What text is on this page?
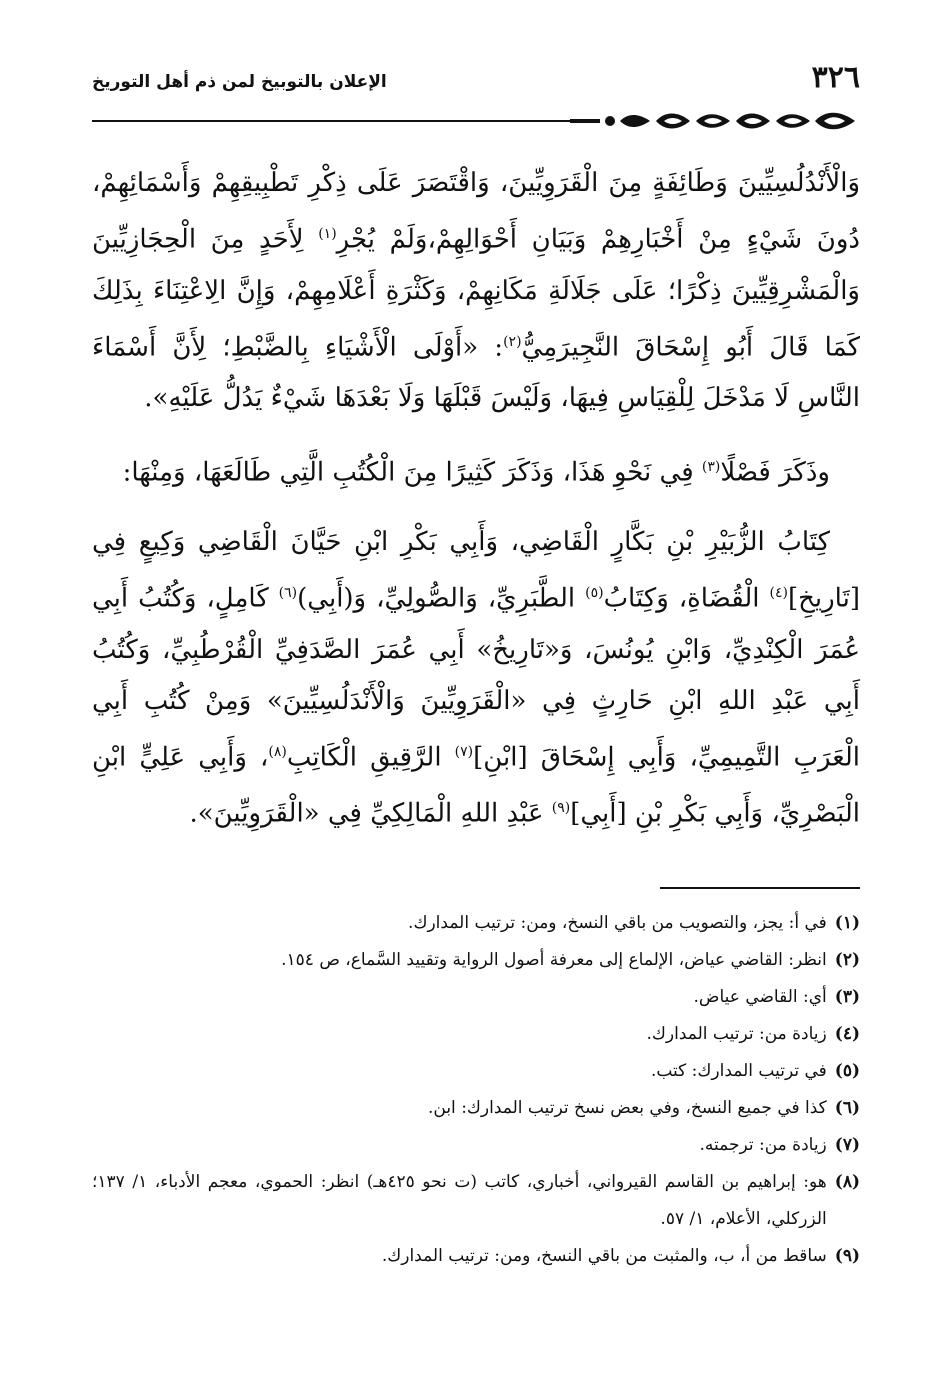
٣٢٦
الإعلان بالتوبيخ لمن ذم أهل التوريخ

وَالْأَنْدُلُسِيِّينَ وَطَائِفَةٍ مِنَ الْقَرَوِيِّينَ، وَاقْتَصَرَ عَلَى ذِكْرِ تَطْبِيقِهِمْ وَأَسْمَائِهِمْ، دُونَ شَيْءٍ مِنْ أَخْبَارِهِمْ وَبَيَانِ أَحْوَالِهِمْ،وَلَمْ يُجْرِ$^{(١)}$ لِأَحَدٍ مِنَ الْحِجَازِيِّينَ وَالْمَشْرِقِيِّينَ ذِكْرًا؛ عَلَى جَلَالَةِ مَكَانِهِمْ، وَكَثْرَةِ أَعْلَامِهِمْ، وَإِنَّ الِاعْتِنَاءَ بِذَلِكَ كَمَا قَالَ أَبُو إِسْحَاقَ النَّجِيرَمِيُّ$^{(٢)}$: «أَوْلَى الْأَشْيَاءِ بِالضَّبْطِ؛ لِأَنَّ أَسْمَاءَ النَّاسِ لَا مَدْخَلَ لِلْقِيَاسِ فِيهَا، وَلَيْسَ قَبْلَهَا وَلَا بَعْدَهَا شَيْءٌ يَدُلُّ عَلَيْهِ».

وذَكَرَ فَصْلًا$^{(٣)}$ فِي نَحْوِ هَذَا، وَذَكَرَ كَثِيرًا مِنَ الْكُتُبِ الَّتِي طَالَعَهَا، وَمِنْهَا:

كِتَابُ الزُّبَيْرِ بْنِ بَكَّارٍ الْقَاضِي، وَأَبِي بَكْرِ ابْنِ حَيَّانَ الْقَاضِي وَكِيعٍ فِي [تَارِيخِ]$^{(٤)}$ الْقُضَاةِ، وَكِتَابُ$^{(٥)}$ الطَّبَرِيِّ، وَالصُّولِيِّ، وَ(أَبِي)$^{(٦)}$ كَامِلٍ، وَكُتُبُ أَبِي عُمَرَ الْكِنْدِيِّ، وَابْنِ يُونُسَ، وَ«تَارِيخُ» أَبِي عُمَرَ الصَّدَفِيِّ الْقُرْطُبِيِّ، وَكُتُبُ أَبِي عَبْدِ اللهِ ابْنِ حَارِثٍ فِي «الْقَرَوِيِّينَ وَالْأَنْدَلُسِيِّينَ» وَمِنْ كُتُبِ أَبِي الْعَرَبِ التَّمِيمِيِّ، وَأَبِي إِسْحَاقَ [ابْنِ]$^{(٧)}$ الرَّقِيقِ الْكَاتِبِ$^{(٨)}$، وَأَبِي عَلِيٍّ ابْنِ الْبَصْرِيِّ، وَأَبِي بَكْرِ بْنِ [أَبِي]$^{(٩)}$ عَبْدِ اللهِ الْمَالِكِيِّ فِي «الْقَرَوِيِّينَ».

(١)
في أ: يجز، والتصويب من باقي النسخ، ومن: ترتيب المدارك.
(٢)
انظر: القاضي عياض، الإلماع إلى معرفة أصول الرواية وتقييد السَّماع، ص ١٥٤.
(٣)
أي: القاضي عياض.
(٤)
زيادة من: ترتيب المدارك.
(٥)
في ترتيب المدارك: كتب.
(٦)
كذا في جميع النسخ، وفي بعض نسخ ترتيب المدارك: ابن.
(٧)
زيادة من: ترجمته.
(٨)
هو: إبراهيم بن القاسم القيرواني، أخباري، كاتب (ت نحو ٤٢٥هـ) انظر: الحموي، معجم الأدباء، ١/ ١٣٧؛ الزركلي، الأعلام، ١/ ٥٧.
(٩)
ساقط من أ، ب، والمثبت من باقي النسخ، ومن: ترتيب المدارك.
